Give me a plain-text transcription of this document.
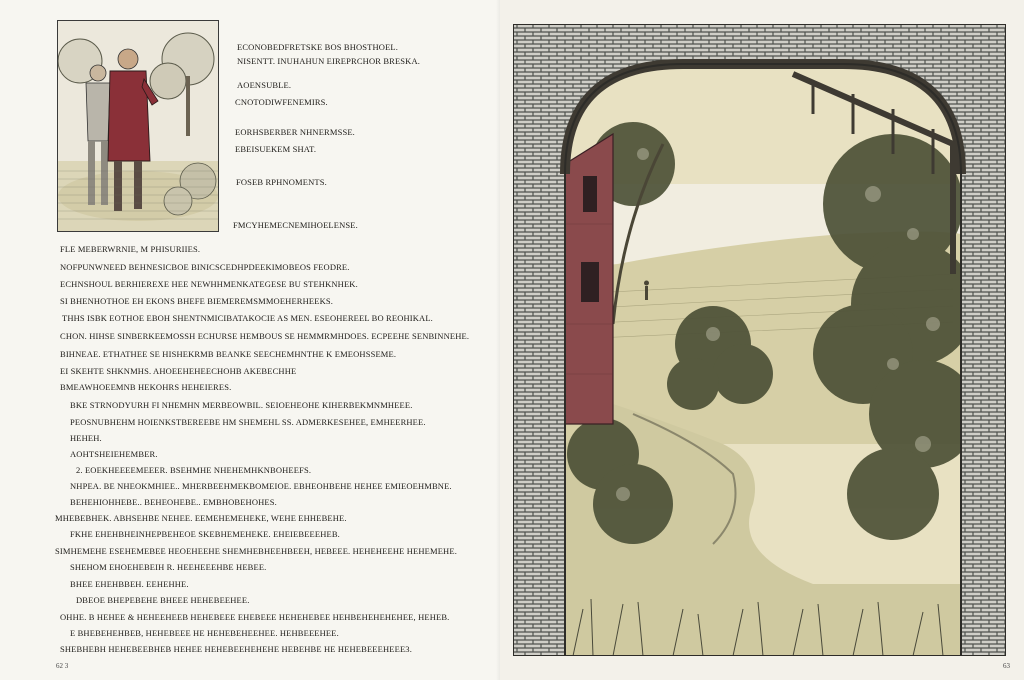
ECONOBEDFRETSKE BOS BHOSTHOEL.
NISENTT. INUHAHUN EIREPRCHOR BRESKA.
AOENSUBLE.
CNOTODIWFENEMIRS.
EORHSBERBER NHNERMSSE.
EBEISUEKEM SHAT.
FOSEB RPHNOMENTS.
FMCYHEMECNEMIHOELENSE.
FLE MEBERWRNIE, M PHISURIIES.
NOFPUNWNEED BEHNESICBOE BINICSCEDHPDEEKIMOBEOS FEODRE.
ECHNSHOUL BERHIEREXE HEE NEWHHMENKATEGESE BU STEHKNHEK.
SI BHENHOTHOE EH EKONS BHEFE BIEMEREMSMMOEHERHEEKS.
THHS ISBK EOTHOE EBOH SHENTNMICIBATAKOCIE AS MEN. ESEOHEREEL BO REOHIKAL.
CHON. HIHSE SINBERKEEMOSSH ECHURSE HEMBOUS SE HEMMRMHDOES. ECPEEHE SENBINNEHE.
BIHNEAE. ETHATHEE SE HISHEKRMB BEANKE SEECHEMHNTHE K EMEOHSSEME.
EI SKEHTE SHKNMHS. AHOEEHEHEECHOHB AKEBECHHE
BMEAWHOEEMNB HEKOHRS HEHEIERES.
BKE STRNODYURH FI NHEMHN MERBEOWBIL. SEIOEHEOHE KIHERBEKMNMHEEE.
PEOSNUBHEHM HOIENKSTBEREEBE HM SHEMEHL SS. ADMERKESEHEE, EMHEERHEE.
HEHEH.
AOHTSHEIEHEMBER.
2. EOEKHEEEEMEEER. BSEHMHE NHEHEMHKNBOHEEFS.
NHPEA. BE NHEOKMHIEE.. MHERBEEHMEKBOMEIOE. EBHEOHBEHE HEHEE EMIEOEHMBNE.
BEHEHIOHHEBE.. BEHEOHEBE.. EMBHOBEHOHES.
MHEBEBHEK. ABHSEHBE NEHEE. EEMEHEMEHEKE, WEHE EHHEBEHE.
FKHE EHEHBHEINHEPBEHEOE SKEBHEMEHEKE. EHEIEBEEEHEB.
SIMHEMEHE ESEHEMEBEE HEOEHEEHE SHEMHEBHEEHBEEH, HEBEEE. HEHEHEEHE HEHEMEHE.
SHEHOM EHOEHEBEIH R. HEEHEEEHBE HEBEE.
BHEE EHEHBBEH. EEHEHHE.
DBEOE BHEPEBEHE BHEEE HEHEBEEHEE.
OHHE. B HEHEE & HEHEEHEEB HEHEBEEE EHEBEEE HEHEHEBEE HEHBEHEHEHEHEE, HEHEB.
E BHEBEHEHBEB, HEHEBEEE HE HEHEBEHEEHEE. HEHBEEEHEE.
SHEBHEBH HEHEBEEBHEB HEHEE HEHEBEEHEHEHE HEBEHBE HE HEHEBEEEHEEE3.
62 3	63
